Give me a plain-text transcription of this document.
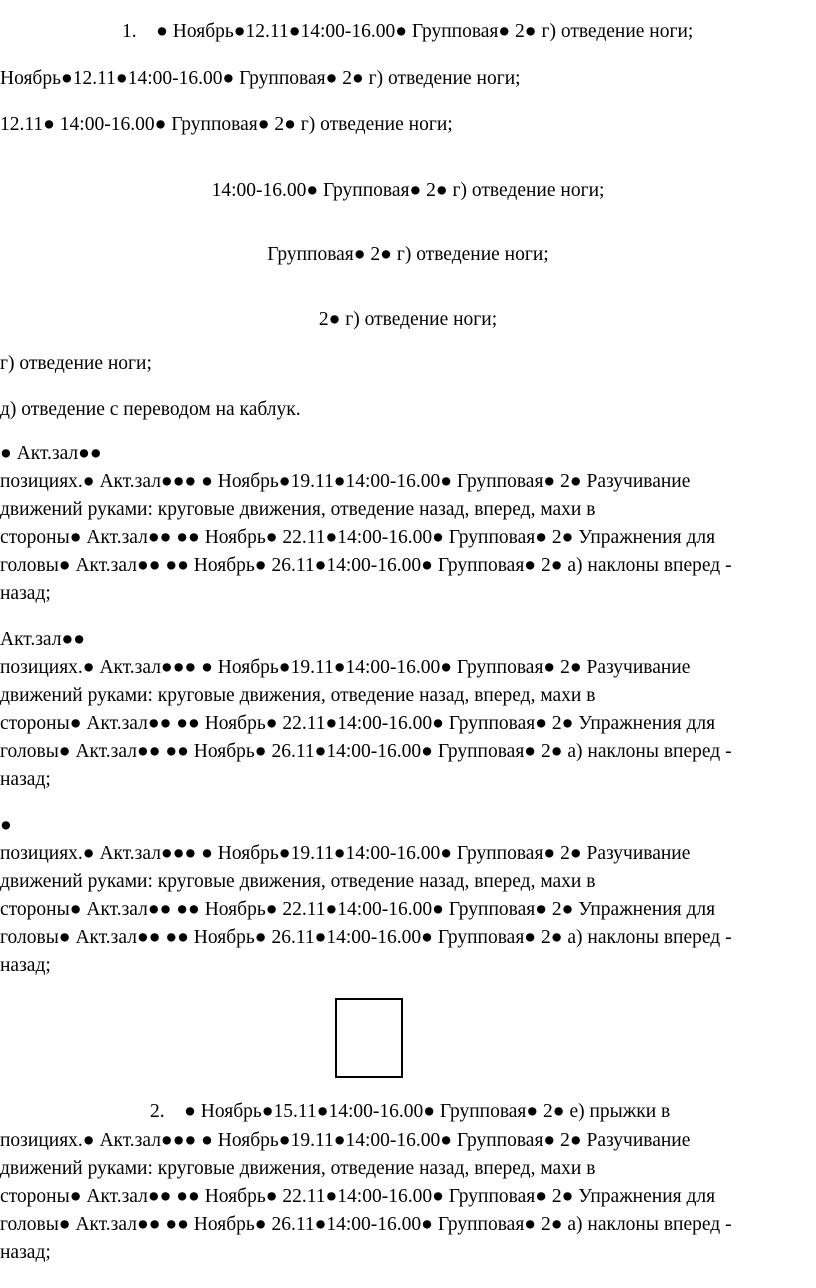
1. ● Ноябрь●12.11●14:00-16.00● Групповая● 2● г) отведение ноги;

Ноябрь●12.11●14:00-16.00● Групповая● 2● г) отведение ноги;

12.11● 14:00-16.00● Групповая● 2● г) отведение ноги;

14:00-16.00● Групповая● 2● г) отведение ноги;

Групповая● 2● г) отведение ноги;

2● г) отведение ноги;

г) отведение ноги;

д) отведение с переводом на каблук.

● Акт.зал●●

позициях.● Акт.зал●●● ● Ноябрь●19.11●14:00-16.00● Групповая● 2● Разучивание
движений руками: круговые движения, отведение назад, вперед, махи в
стороны● Акт.зал●● ●● Ноябрь● 22.11●14:00-16.00● Групповая● 2● Упражнения для
головы● Акт.зал●● ●● Ноябрь● 26.11●14:00-16.00● Групповая● 2● а) наклоны вперед -
назад;

Акт.зал●●

позициях.● Акт.зал●●● ● Ноябрь●19.11●14:00-16.00● Групповая● 2● Разучивание
движений руками: круговые движения, отведение назад, вперед, махи в
стороны● Акт.зал●● ●● Ноябрь● 22.11●14:00-16.00● Групповая● 2● Упражнения для
головы● Акт.зал●● ●● Ноябрь● 26.11●14:00-16.00● Групповая● 2● а) наклоны вперед -
назад;

●

позициях.● Акт.зал●●● ● Ноябрь●19.11●14:00-16.00● Групповая● 2● Разучивание
движений руками: круговые движения, отведение назад, вперед, махи в
стороны● Акт.зал●● ●● Ноябрь● 22.11●14:00-16.00● Групповая● 2● Упражнения для
головы● Акт.зал●● ●● Ноябрь● 26.11●14:00-16.00● Групповая● 2● а) наклоны вперед -
назад;

2. ● Ноябрь●15.11●14:00-16.00● Групповая● 2● е) прыжки в

позициях.● Акт.зал●●● ● Ноябрь●19.11●14:00-16.00● Групповая● 2● Разучивание
движений руками: круговые движения, отведение назад, вперед, махи в
стороны● Акт.зал●● ●● Ноябрь● 22.11●14:00-16.00● Групповая● 2● Упражнения для
головы● Акт.зал●● ●● Ноябрь● 26.11●14:00-16.00● Групповая● 2● а) наклоны вперед -
назад;
